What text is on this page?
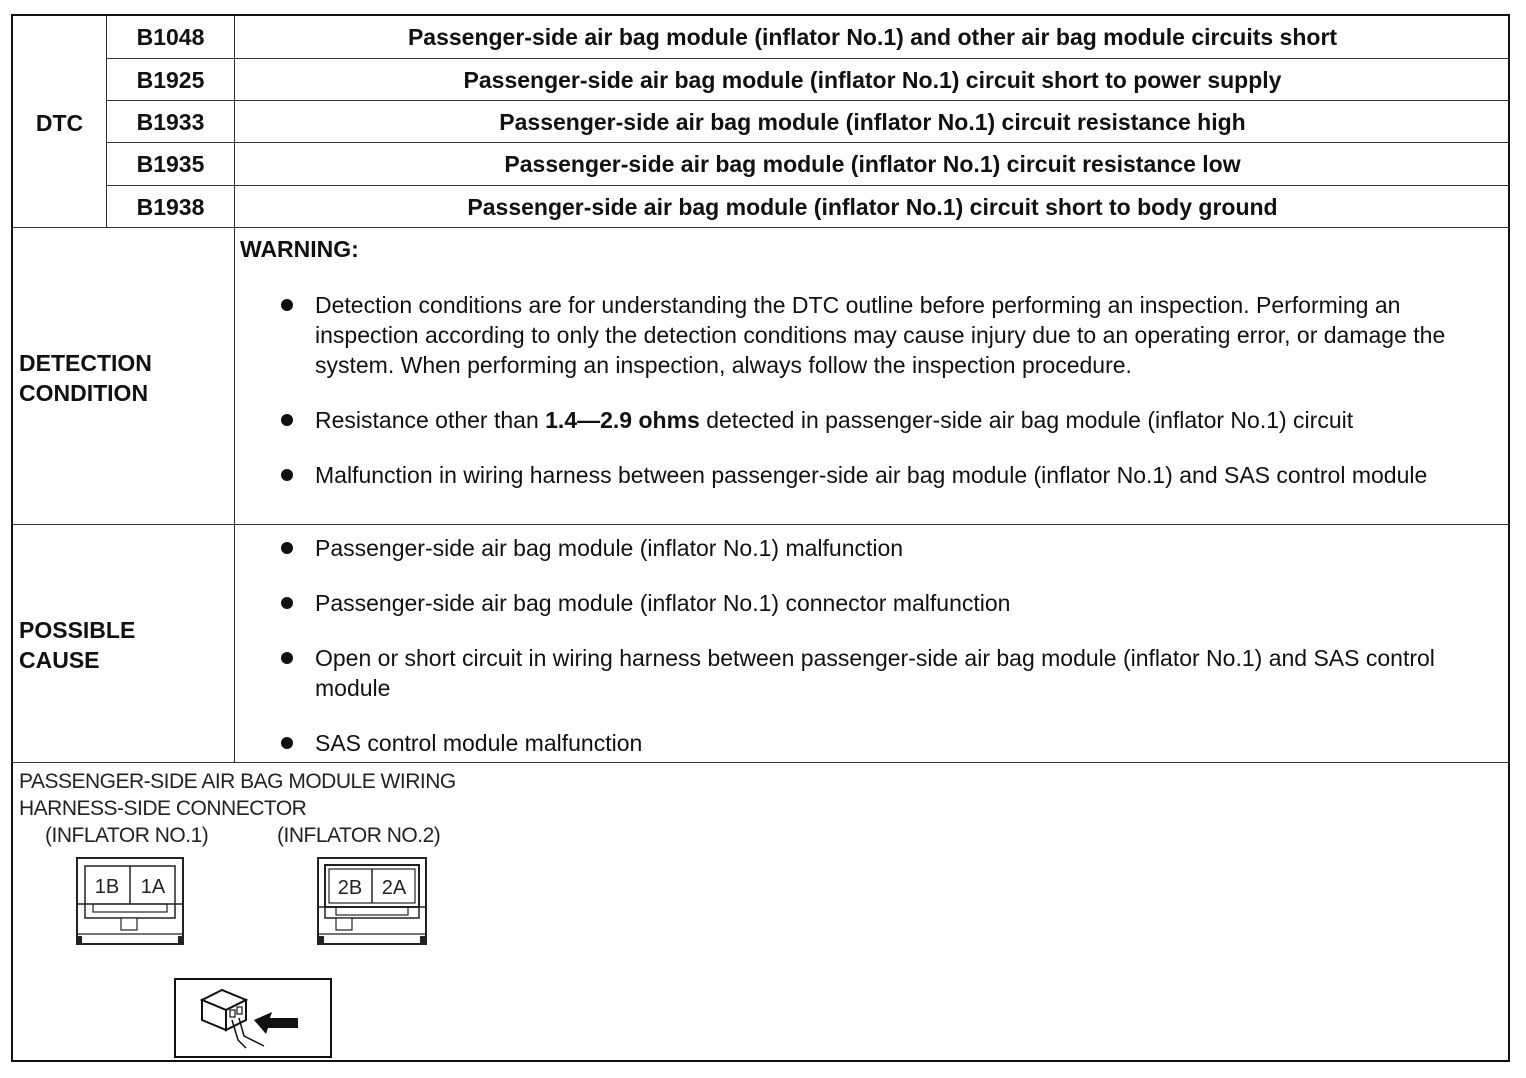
DTC
B1048	Passenger-side air bag module (inflator No.1) and other air bag module circuits short
B1925	Passenger-side air bag module (inflator No.1) circuit short to power supply
B1933	Passenger-side air bag module (inflator No.1) circuit resistance high
B1935	Passenger-side air bag module (inflator No.1) circuit resistance low
B1938	Passenger-side air bag module (inflator No.1) circuit short to body ground
DETECTION
CONDITION
WARNING:
Detection conditions are for understanding the DTC outline before performing an inspection. Performing an inspection according to only the detection conditions may cause injury due to an operating error, or damage the system. When performing an inspection, always follow the inspection procedure.
Resistance other than 1.4—2.9 ohms detected in passenger-side air bag module (inflator No.1) circuit
Malfunction in wiring harness between passenger-side air bag module (inflator No.1) and SAS control module
POSSIBLE
CAUSE
Passenger-side air bag module (inflator No.1) malfunction
Passenger-side air bag module (inflator No.1) connector malfunction
Open or short circuit in wiring harness between passenger-side air bag module (inflator No.1) and SAS control module
SAS control module malfunction
PASSENGER-SIDE AIR BAG MODULE WIRING
HARNESS-SIDE CONNECTOR
(INFLATOR NO.1)	(INFLATOR NO.2)
1B 1A	2B 2A
